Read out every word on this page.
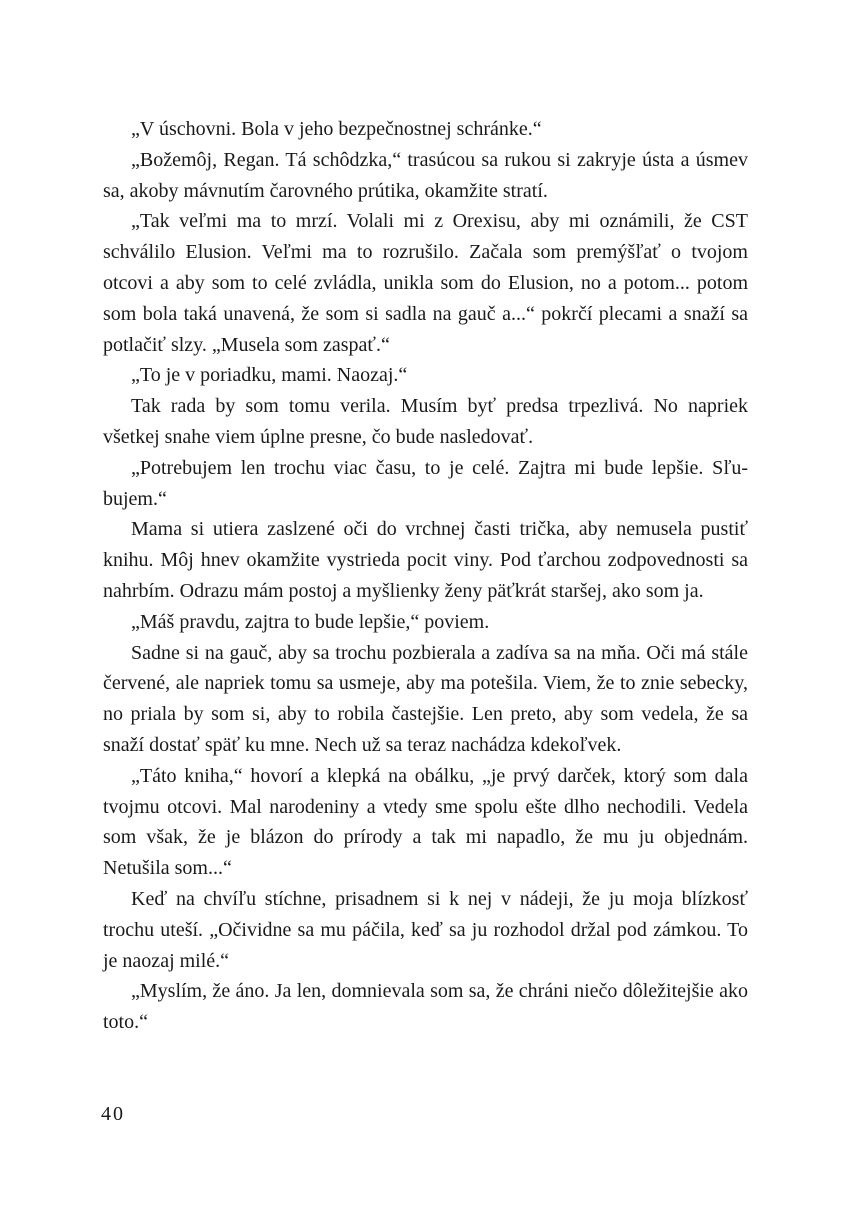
„V úschovni. Bola v jeho bezpečnostnej schránke.“

„Božemôj, Regan. Tá schôdzka,“ trasúcou sa rukou si zakryje ústa a úsmev sa, akoby mávnutím čarovného prútika, okamžite stratí.

„Tak veľmi ma to mrzí. Volali mi z Orexisu, aby mi oznámili, že CST schválilo Elusion. Veľmi ma to rozrušilo. Začala som premýšľať o tvojom otcovi a aby som to celé zvládla, unikla som do Elusion, no a potom... potom som bola taká unavená, že som si sadla na gauč a...“ pokrčí plecami a snaží sa potlačiť slzy. „Musela som zaspať.“

„To je v poriadku, mami. Naozaj.“

Tak rada by som tomu verila. Musím byť predsa trpezlivá. No napriek všetkej snahe viem úplne presne, čo bude nasledovať.

„Potrebujem len trochu viac času, to je celé. Zajtra mi bude lepšie. Sľubujem.“

Mama si utiera zaslzené oči do vrchnej časti trička, aby nemusela pustiť knihu. Môj hnev okamžite vystrieda pocit viny. Pod ťarchou zodpovednosti sa nahrbím. Odrazu mám postoj a myšlienky ženy päťkrát staršej, ako som ja.

„Máš pravdu, zajtra to bude lepšie,“ poviem.

Sadne si na gauč, aby sa trochu pozbierala a zadíva sa na mňa. Oči má stále červené, ale napriek tomu sa usmeje, aby ma potešila. Viem, že to znie sebecky, no priala by som si, aby to robila častejšie. Len preto, aby som vedela, že sa snaží dostať späť ku mne. Nech už sa teraz nachádza kdekoľvek.

„Táto kniha,“ hovorí a klepká na obálku, „je prvý darček, ktorý som dala tvojmu otcovi. Mal narodeniny a vtedy sme spolu ešte dlho nechodili. Vedela som však, že je blázon do prírody a tak mi napadlo, že mu ju objednám. Netušila som...“

Keď na chvíľu stíchne, prisadnem si k nej v nádeji, že ju moja blízkosť trochu uteší. „Očividne sa mu páčila, keď sa ju rozhodol držal pod zámkou. To je naozaj milé.“

„Myslím, že áno. Ja len, domnievala som sa, že chráni niečo dôležitejšie ako toto.“

40
